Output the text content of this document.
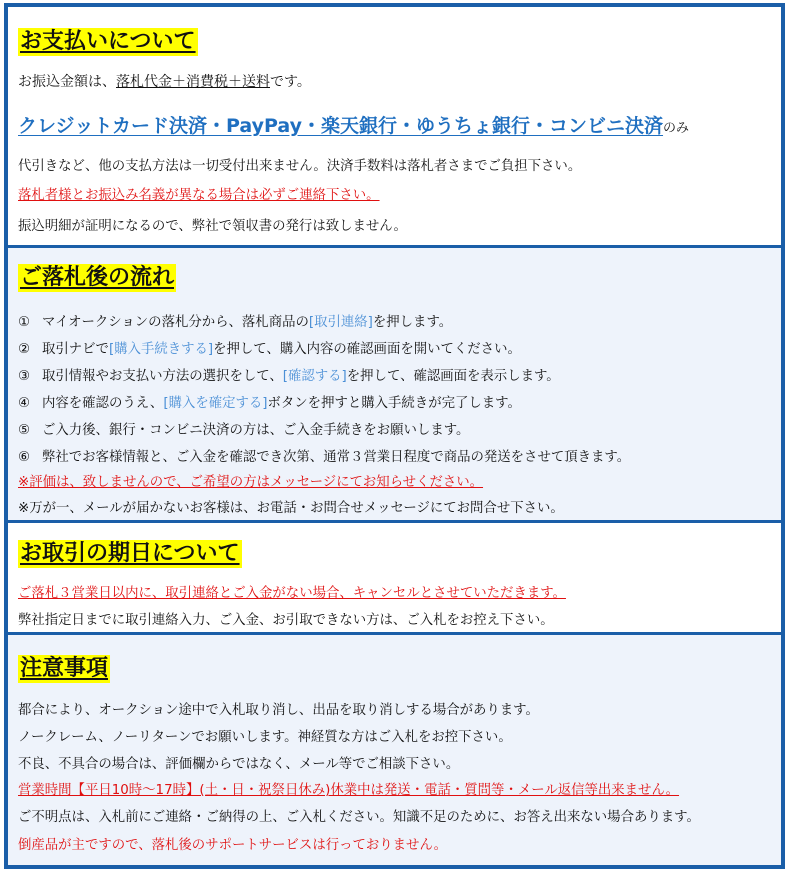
お支払いについて
お振込金額は、落札代金＋消費税＋送料です。
クレジットカード決済・PayPay・楽天銀行・ゆうちょ銀行・コンビニ決済のみ
代引きなど、他の支払方法は一切受付出来ません。決済手数料は落札者さまでご負担下さい。
落札者様とお振込み名義が異なる場合は必ずご連絡下さい。
振込明細が証明になるので、弊社で領収書の発行は致しません。
ご落札後の流れ
① マイオークションの落札分から、落札商品の[取引連絡]を押します。
② 取引ナビで[購入手続きする]を押して、購入内容の確認画面を開いてください。
③ 取引情報やお支払い方法の選択をして、[確認する]を押して、確認画面を表示します。
④ 内容を確認のうえ、[購入を確定する]ボタンを押すと購入手続きが完了します。
⑤ ご入力後、銀行・コンビニ決済の方は、ご入金手続きをお願いします。
⑥ 弊社でお客様情報と、ご入金を確認でき次第、通常３営業日程度で商品の発送をさせて頂きます。
※評価は、致しませんので、ご希望の方はメッセージにてお知らせください。
※万が一、メールが届かないお客様は、お電話・お問合せメッセージにてお問合せ下さい。
お取引の期日について
ご落札３営業日以内に、取引連絡とご入金がない場合、キャンセルとさせていただきます。
弊社指定日までに取引連絡入力、ご入金、お引取できない方は、ご入札をお控え下さい。
注意事項
都合により、オークション途中で入札取り消し、出品を取り消しする場合があります。
ノークレーム、ノーリターンでお願いします。神経質な方はご入札をお控下さい。
不良、不具合の場合は、評価欄からではなく、メール等でご相談下さい。
営業時間【平日10時～17時】(土・日・祝祭日休み)休業中は発送・電話・質問等・メール返信等出来ません。
ご不明点は、入札前にご連絡・ご納得の上、ご入札ください。知識不足のために、お答え出来ない場合あります。
倒産品が主ですので、落札後のサポートサービスは行っておりません。
